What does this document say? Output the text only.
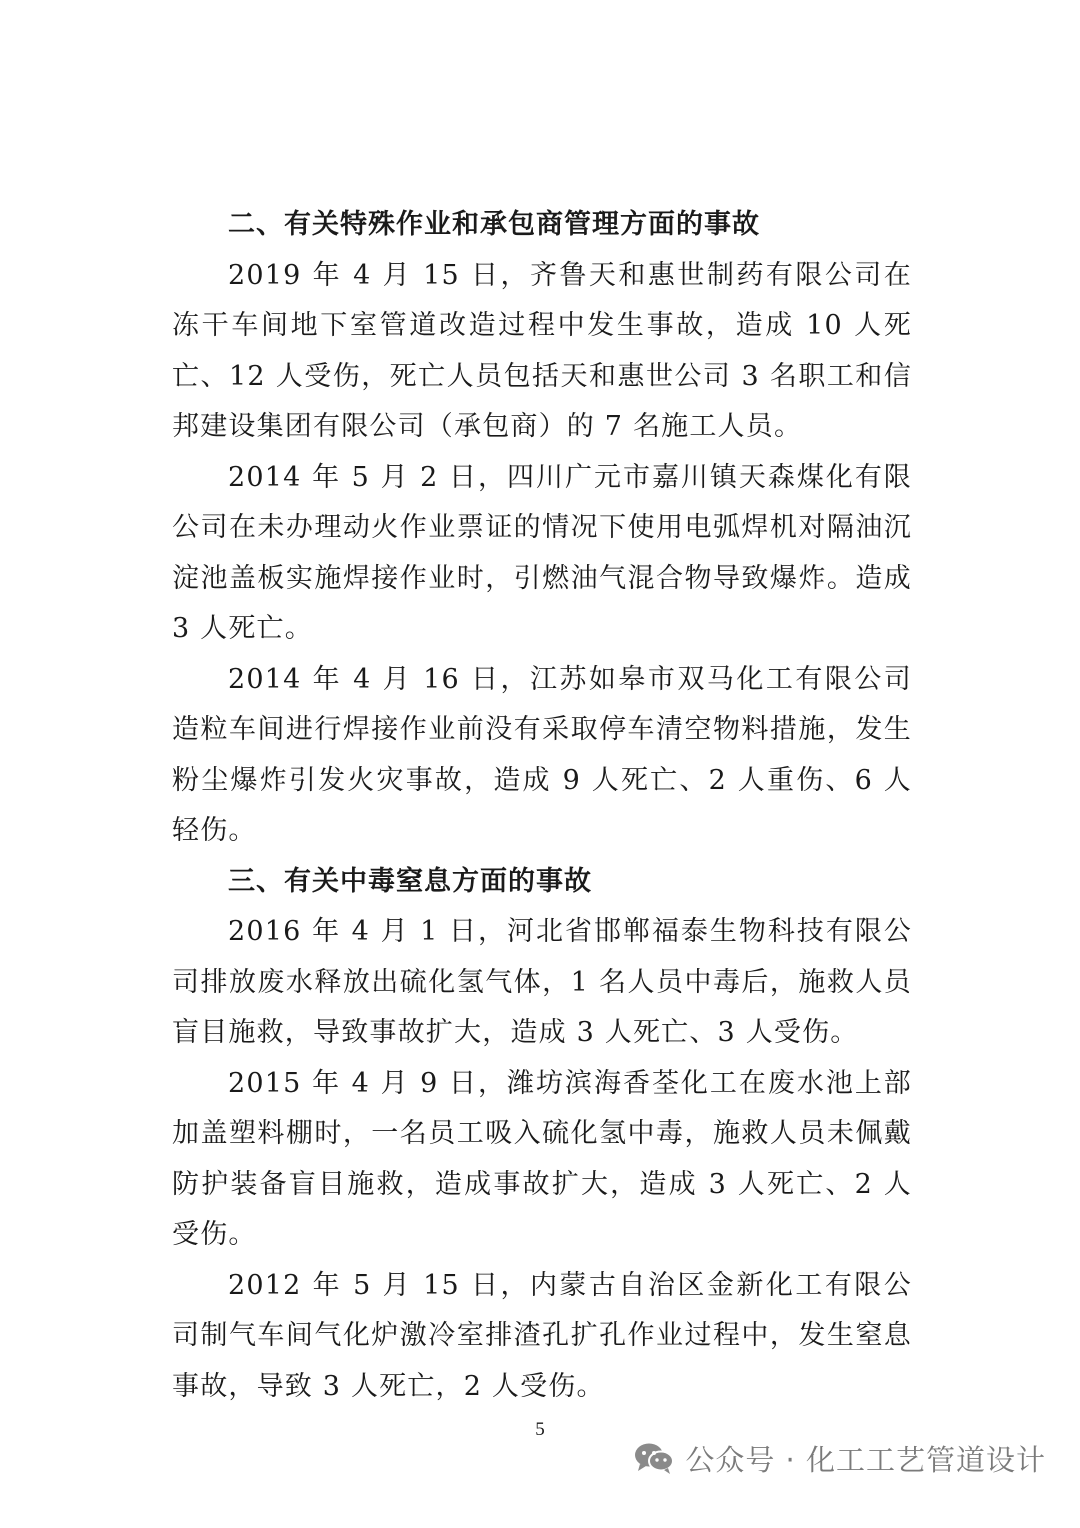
二、有关特殊作业和承包商管理方面的事故

2019 年 4 月 15 日，齐鲁天和惠世制药有限公司在冻干车间地下室管道改造过程中发生事故，造成 10 人死亡、12 人受伤，死亡人员包括天和惠世公司 3 名职工和信邦建设集团有限公司（承包商）的 7 名施工人员。

2014 年 5 月 2 日，四川广元市嘉川镇天森煤化有限公司在未办理动火作业票证的情况下使用电弧焊机对隔油沉淀池盖板实施焊接作业时，引燃油气混合物导致爆炸。造成 3 人死亡。

2014 年 4 月 16 日，江苏如皋市双马化工有限公司造粒车间进行焊接作业前没有采取停车清空物料措施，发生粉尘爆炸引发火灾事故，造成 9 人死亡、2 人重伤、6 人轻伤。

三、有关中毒窒息方面的事故

2016 年 4 月 1 日，河北省邯郸福泰生物科技有限公司排放废水释放出硫化氢气体，1 名人员中毒后，施救人员盲目施救，导致事故扩大，造成 3 人死亡、3 人受伤。

2015 年 4 月 9 日，潍坊滨海香荃化工在废水池上部加盖塑料棚时，一名员工吸入硫化氢中毒，施救人员未佩戴防护装备盲目施救，造成事故扩大，造成 3 人死亡、2 人受伤。

2012 年 5 月 15 日，内蒙古自治区金新化工有限公司制气车间气化炉激冷室排渣孔扩孔作业过程中，发生窒息事故，导致 3 人死亡，2 人受伤。

5
公众号 · 化工工艺管道设计
